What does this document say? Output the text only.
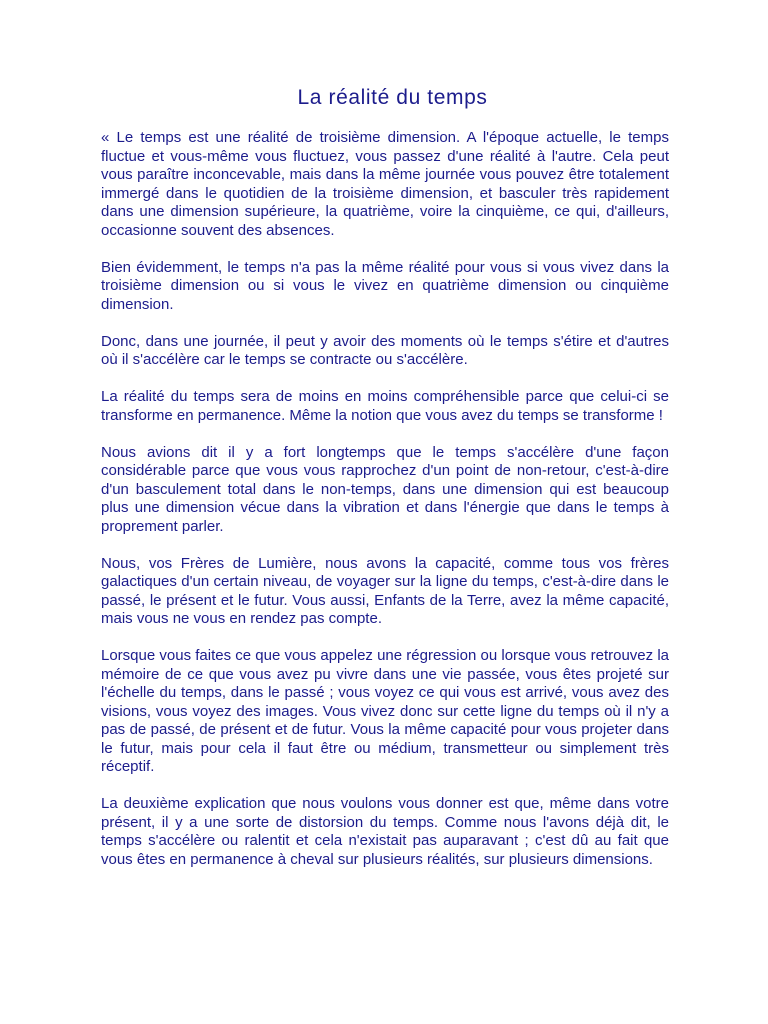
La réalité du temps

« Le temps est une réalité de troisième dimension. A l'époque actuelle, le temps fluctue et vous-même vous fluctuez, vous passez d'une réalité à l'autre. Cela peut vous paraître inconcevable, mais dans la même journée vous pouvez être totalement immergé dans le quotidien de la troisième dimension, et basculer très rapidement dans une dimension supérieure, la quatrième, voire la cinquième, ce qui, d'ailleurs, occasionne souvent des absences.

Bien évidemment, le temps n'a pas la même réalité pour vous si vous vivez dans la troisième dimension ou si vous le vivez en quatrième dimension ou cinquième dimension.

Donc, dans une journée, il peut y avoir des moments où le temps s'étire et d'autres où il s'accélère car le temps se contracte ou s'accélère.

La réalité du temps sera de moins en moins compréhensible parce que celui-ci se transforme en permanence. Même la notion que vous avez du temps se transforme !

Nous avions dit il y a fort longtemps que le temps s'accélère d'une façon considérable parce que vous vous rapprochez d'un point de non-retour, c'est-à-dire d'un basculement total dans le non-temps, dans une dimension qui est beaucoup plus une dimension vécue dans la vibration et dans l'énergie que dans le temps à proprement parler.

Nous, vos Frères de Lumière, nous avons la capacité, comme tous vos frères galactiques d'un certain niveau, de voyager sur la ligne du temps, c'est-à-dire dans le passé, le présent et le futur. Vous aussi, Enfants de la Terre, avez la même capacité, mais vous ne vous en rendez pas compte.

Lorsque vous faites ce que vous appelez une régression ou lorsque vous retrouvez la mémoire de ce que vous avez pu vivre dans une vie passée, vous êtes projeté sur l'échelle du temps, dans le passé ; vous voyez ce qui vous est arrivé, vous avez des visions, vous voyez des images. Vous vivez donc sur cette ligne du temps où il n'y a pas de passé, de présent et de futur. Vous la même capacité pour vous projeter dans le futur, mais pour cela il faut être ou médium, transmetteur ou simplement très réceptif.

La deuxième explication que nous voulons vous donner est que, même dans votre présent, il y a une sorte de distorsion du temps. Comme nous l'avons déjà dit, le temps s'accélère ou ralentit et cela n'existait pas auparavant ; c'est dû au fait que vous êtes en permanence à cheval sur plusieurs réalités, sur plusieurs dimensions.
